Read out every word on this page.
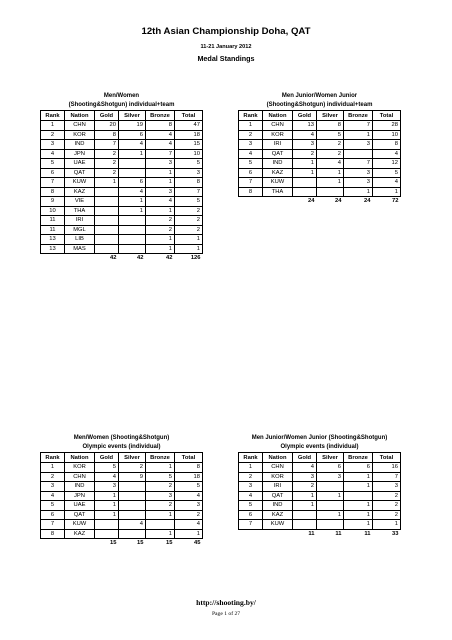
12th Asian Championship Doha, QAT
11-21 January 2012
Medal Standings
Men/Women
(Shooting&Shotgun) individual+team
Rank	Nation	Gold	Silver	Bronze	Total
1	CHN	20	19	8	47
2	KOR	8	6	4	18
3	IND	7	4	4	15
4	JPN	2	1	7	10
5	UAE	2		3	5
6	QAT	2		1	3
7	KUW	1	6	1	8
8	KAZ		4	3	7
9	VIE		1	4	5
10	THA		1	1	2
11	IRI			2	2
11	MGL			2	2
13	LIB			1	1
13	MAS			1	1
		42	42	42	126
Men Junior/Women Junior
(Shooting&Shotgun) individual+team
Rank	Nation	Gold	Silver	Bronze	Total
1	CHN	13	8	7	28
2	KOR	4	5	1	10
3	IRI	3	2	3	8
4	QAT	2	2		4
5	IND	1	4	7	12
6	KAZ	1	1	3	5
7	KUW		1	3	4
8	THA			1	1
		24	24	24	72
Men/Women (Shooting&Shotgun)
Olympic events (individual)
Rank	Nation	Gold	Silver	Bronze	Total
1	KOR	5	2	1	8
2	CHN	4	9	5	18
3	IND	3		2	5
4	JPN	1		3	4
5	UAE	1		2	3
6	QAT	1		1	2
7	KUW		4		4
8	KAZ			1	1
		15	15	15	45
Men Junior/Women Junior (Shooting&Shotgun)
Olympic events (individual)
Rank	Nation	Gold	Silver	Bronze	Total
1	CHN	4	6	6	16
2	KOR	3	3	1	7
3	IRI	2		1	3
4	QAT	1	1		2
5	IND	1		1	2
6	KAZ		1	1	2
7	KUW			1	1
		11	11	11	33
http://shooting.by/
Page 1 of 27
